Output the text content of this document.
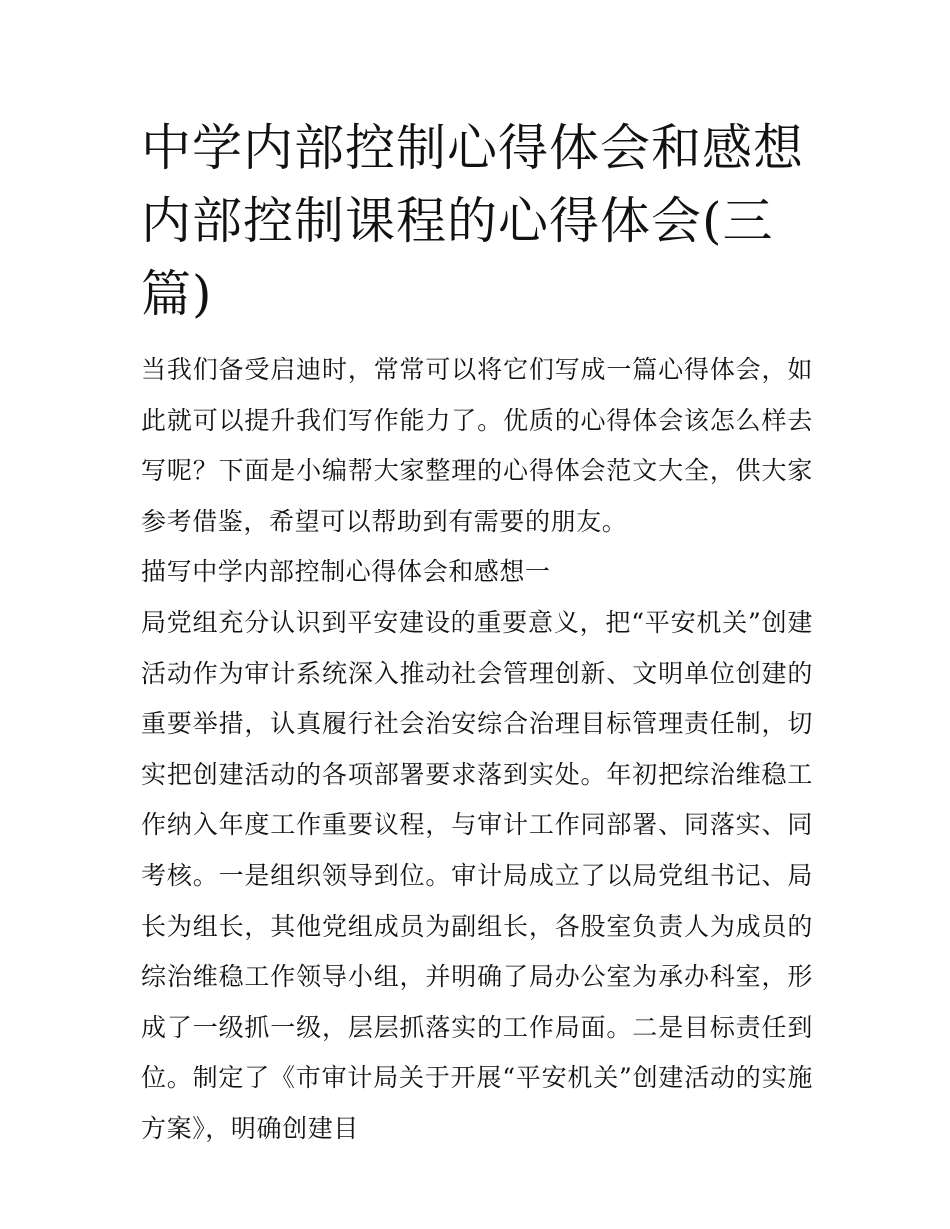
中学内部控制心得体会和感想内部控制课程的心得体会(三篇)

当我们备受启迪时，常常可以将它们写成一篇心得体会，如此就可以提升我们写作能力了。优质的心得体会该怎么样去写呢？下面是小编帮大家整理的心得体会范文大全，供大家参考借鉴，希望可以帮助到有需要的朋友。

描写中学内部控制心得体会和感想一

局党组充分认识到平安建设的重要意义，把“平安机关”创建活动作为审计系统深入推动社会管理创新、文明单位创建的重要举措，认真履行社会治安综合治理目标管理责任制，切实把创建活动的各项部署要求落到实处。年初把综治维稳工作纳入年度工作重要议程，与审计工作同部署、同落实、同考核。一是组织领导到位。审计局成立了以局党组书记、局长为组长，其他党组成员为副组长，各股室负责人为成员的综治维稳工作领导小组，并明确了局办公室为承办科室，形成了一级抓一级，层层抓落实的工作局面。二是目标责任到位。制定了《市审计局关于开展“平安机关”创建活动的实施方案》，明确创建目
